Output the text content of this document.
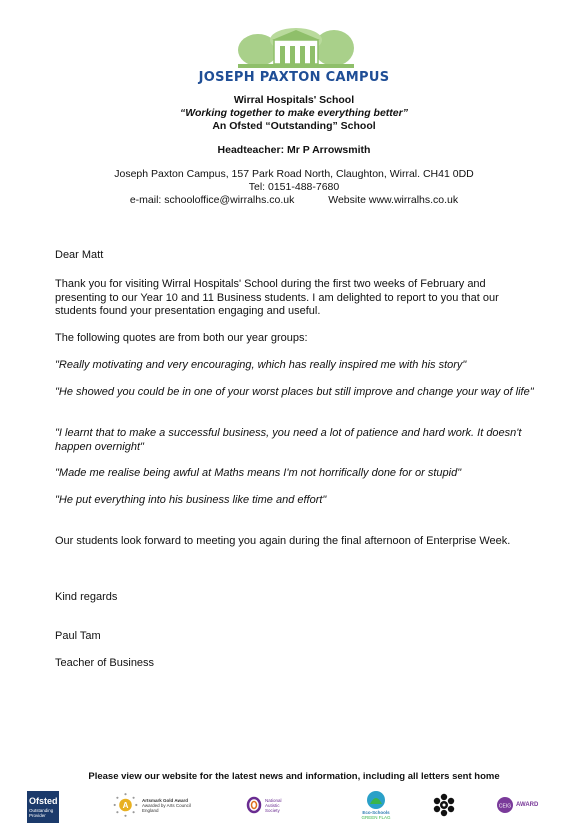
JOSEPH PAXTON CAMPUS
Wirral Hospitals' School
“Working together to make everything better”
An Ofsted “Outstanding” School
Headteacher: Mr P Arrowsmith
Joseph Paxton Campus, 157 Park Road North, Claughton, Wirral. CH41 0DD
Tel: 0151-488-7680
e-mail: schooloffice@wirralhs.co.uk	Website www.wirralhs.co.uk
Dear Matt
Thank you for visiting Wirral Hospitals' School during the first two weeks of February and presenting to our Year 10 and 11 Business students. I am delighted to report to you that our students found your presentation engaging and useful.
The following quotes are from both our year groups:
"Really motivating and very encouraging, which has really inspired me with his story"
"He showed you could be in one of your worst places but still improve and change your way of life"
"I learnt that to make a successful business, you need a lot of patience and hard work. It doesn't happen overnight"
"Made me realise being awful at Maths means I'm not horrifically done for or stupid"
"He put everything into his business like time and effort"
Our students look forward to meeting you again during the final afternoon of Enterprise Week.
Kind regards
Paul Tam
Teacher of Business
Please view our website for the latest news and information, including all letters sent home
Ofsted
Outstanding Provider
A
Artsmark Gold Award
Awarded by Arts Council England
National Autistic Society	Eco-Schools
GREEN FLAG
CEIG AWARD
